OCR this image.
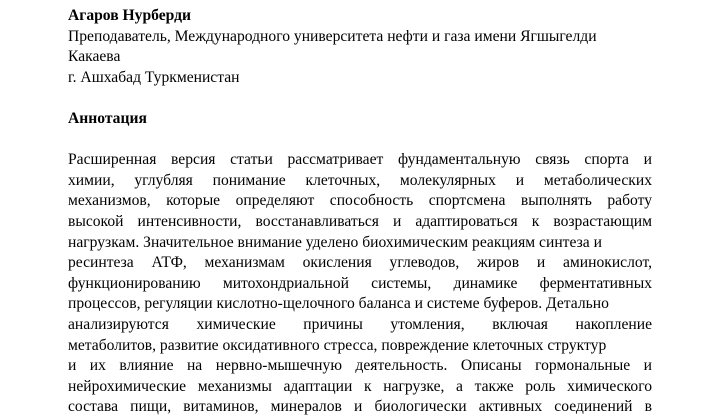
Агаров Нурберди
Преподаватель, Международного университета нефти и газа имени Ягшыгелди
Какаева
г. Ашхабад Туркменистан
Аннотация
Расширенная версия статьи рассматривает фундаментальную связь спорта и
химии, углубляя понимание клеточных, молекулярных и метаболических
механизмов, которые определяют способность спортсмена выполнять работу
высокой интенсивности, восстанавливаться и адаптироваться к возрастающим
нагрузкам. Значительное внимание уделено биохимическим реакциям синтеза и
ресинтеза АТФ, механизмам окисления углеводов, жиров и аминокислот,
функционированию митохондриальной системы, динамике ферментативных
процессов, регуляции кислотно-щелочного баланса и системе буферов. Детально
анализируются химические причины утомления, включая накопление
метаболитов, развитие оксидативного стресса, повреждение клеточных структур
и их влияние на нервно-мышечную деятельность. Описаны гормональные и
нейрохимические механизмы адаптации к нагрузке, а также роль химического
состава пищи, витаминов, минералов и биологически активных соединений в
